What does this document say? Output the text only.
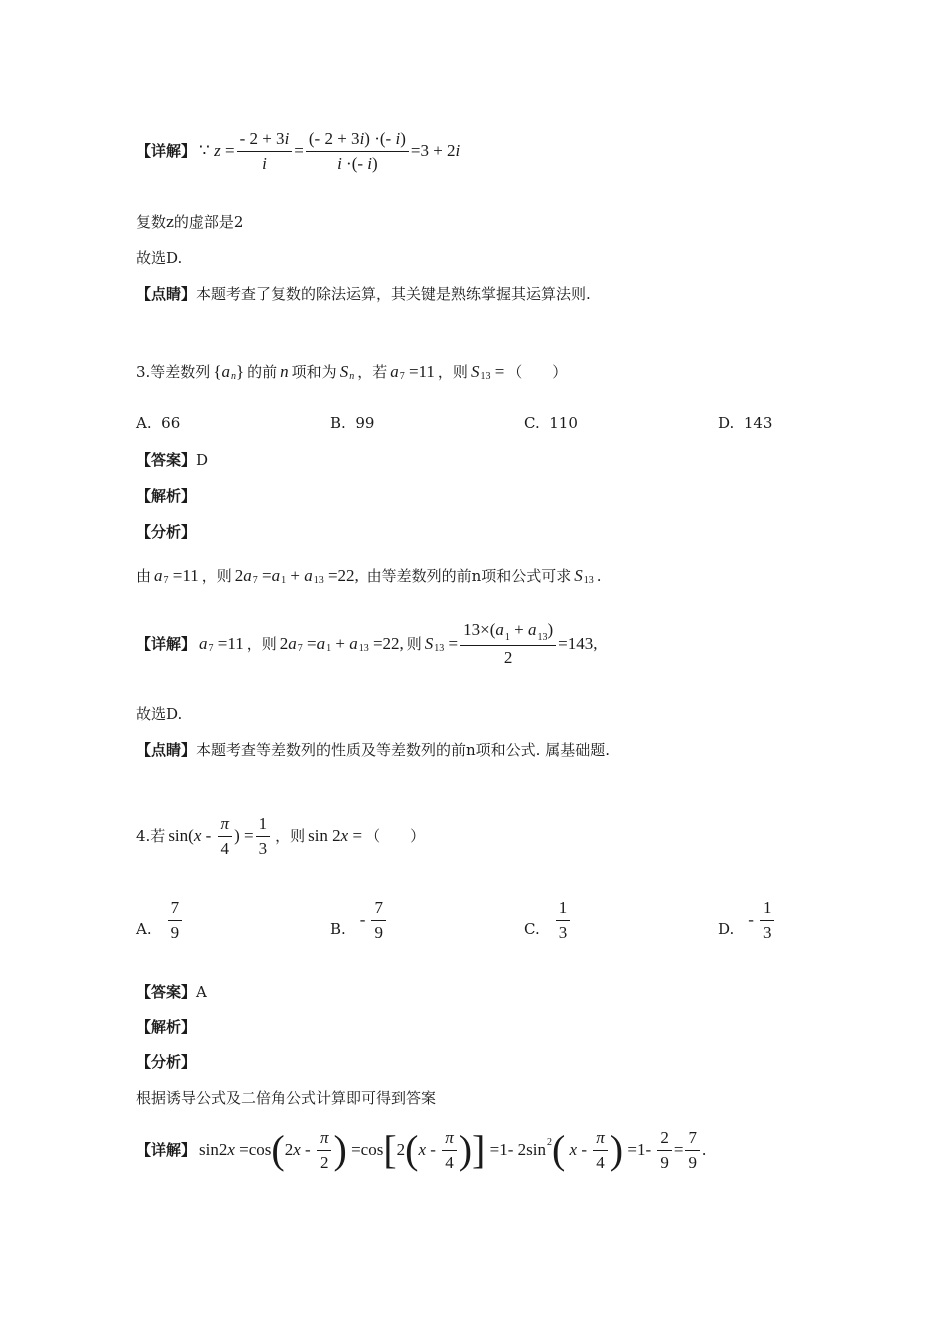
【详解】 ∵ $z = \frac{- 2 + 3i}{i} = \frac{(- 2 + 3i) \cdot(- i)}{i \cdot(- i)} =3 + 2$ i
复数z的虚部是2
故选D.
【点睛】 本题考查了复数的除法运算，其关键是熟练掌握其运算法则.
3.等差数列 { a n } 的前 n 项和为 S n ，若 a 7 =11 ，则 S 13 = （　　）
A.
66	B.
99	C.
110	D.
143
【答案】 D
【解析】
【分析】
由 a 7 =11 ，则 2 a 7 = a 1 + a 13 =22,
由等差数列的前n项和公式可求 S 13 .
【详解】 a 7 =11 ，则 2 a 7 = a 1 + a 13 =22, 则 S $13 = \frac{13\times(a_1 + a_{13})}{2} =143$,
故选D.
【点睛】 本题考查等差数列的性质及等差数列的前n项和公式. 属基础题.
4.若 sin( x - $\frac{\pi}{4}$ ) = $\frac{1}{3}$ ，则 sin 2 x = （　　）
A. $\frac{7}{9}$	B. - $\frac{7}{9}$	C. $\frac{1}{3}$	D. - $\frac{1}{3}$
【答案】 A
【解析】
【分析】
根据诱导公式及二倍角公式计算即可得到答案
【详解】 sin2 x =cos ( 2 x - $\frac{\pi}{2}$ ) =cos [ 2 ( x - $\frac{\pi}{4}$ ) ] =1- 2sin 2 (
x - $\frac{\pi}{4}$ ) $=1- \frac{2}{9} = \frac{7}{9}$ .
